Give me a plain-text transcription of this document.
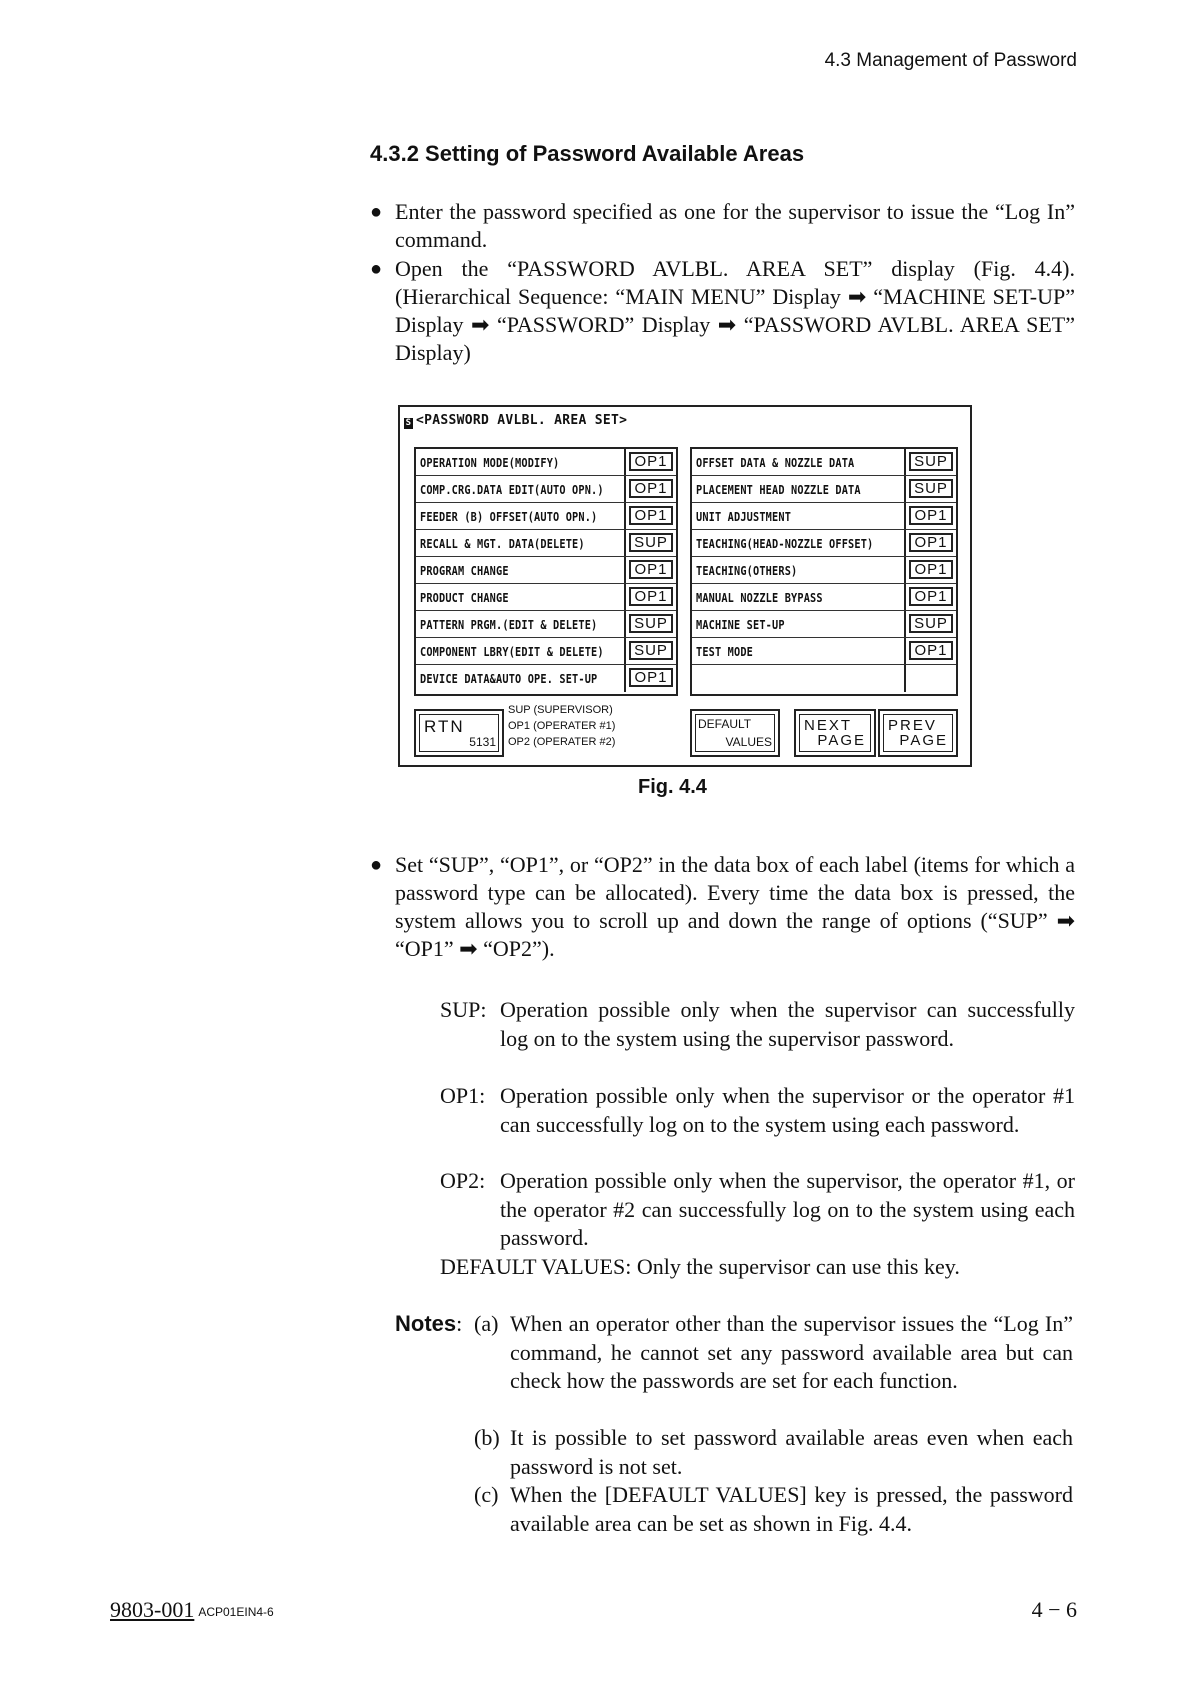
4.3 Management of Password
4.3.2 Setting of Password Available Areas
● Enter the password specified as one for the supervisor to issue the “Log In” command.
● Open the “PASSWORD AVLBL. AREA SET” display (Fig. 4.4). (Hierarchical Sequence: “MAIN MENU” Display ➡ “MACHINE SET-UP” Display ➡ “PASSWORD” Display ➡ “PASSWORD AVLBL. AREA SET” Display)
S <PASSWORD AVLBL. AREA SET>
OPERATION MODE(MODIFY)	OP1
COMP.CRG.DATA EDIT(AUTO OPN.)	OP1
FEEDER (B) OFFSET(AUTO OPN.)	OP1
RECALL & MGT. DATA(DELETE)	SUP
PROGRAM CHANGE	OP1
PRODUCT CHANGE	OP1
PATTERN PRGM.(EDIT & DELETE)	SUP
COMPONENT LBRY(EDIT & DELETE)	SUP
DEVICE DATA&AUTO OPE. SET-UP	OP1
OFFSET DATA & NOZZLE DATA	SUP
PLACEMENT HEAD NOZZLE DATA	SUP
UNIT ADJUSTMENT	OP1
TEACHING(HEAD-NOZZLE OFFSET)	OP1
TEACHING(OTHERS)	OP1
MANUAL NOZZLE BYPASS	OP1
MACHINE SET-UP	SUP
TEST MODE	OP1
RTN
5131
SUP (SUPERVISOR)
OP1 (OPERATER #1)
OP2 (OPERATER #2)
DEFAULT
VALUES
NEXT
PAGE
PREV
PAGE
Fig. 4.4
● Set “SUP”, “OP1”, or “OP2” in the data box of each label (items for which a password type can be allocated). Every time the data box is pressed, the system allows you to scroll up and down the range of options (“SUP” ➡ “OP1” ➡ “OP2”).
SUP: Operation possible only when the supervisor can successfully log on to the system using the supervisor password.
OP1: Operation possible only when the supervisor or the operator #1 can successfully log on to the system using each password.
OP2: Operation possible only when the supervisor, the operator #1, or the operator #2 can successfully log on to the system using each password.
DEFAULT VALUES: Only the supervisor can use this key.
Notes: (a) When an operator other than the supervisor issues the “Log In” command, he cannot set any password available area but can check how the passwords are set for each function.
(b) It is possible to set password available areas even when each password is not set.
(c) When the [DEFAULT VALUES] key is pressed, the password available area can be set as shown in Fig. 4.4.
9803-001 ACP01EIN4-6	4 − 6
